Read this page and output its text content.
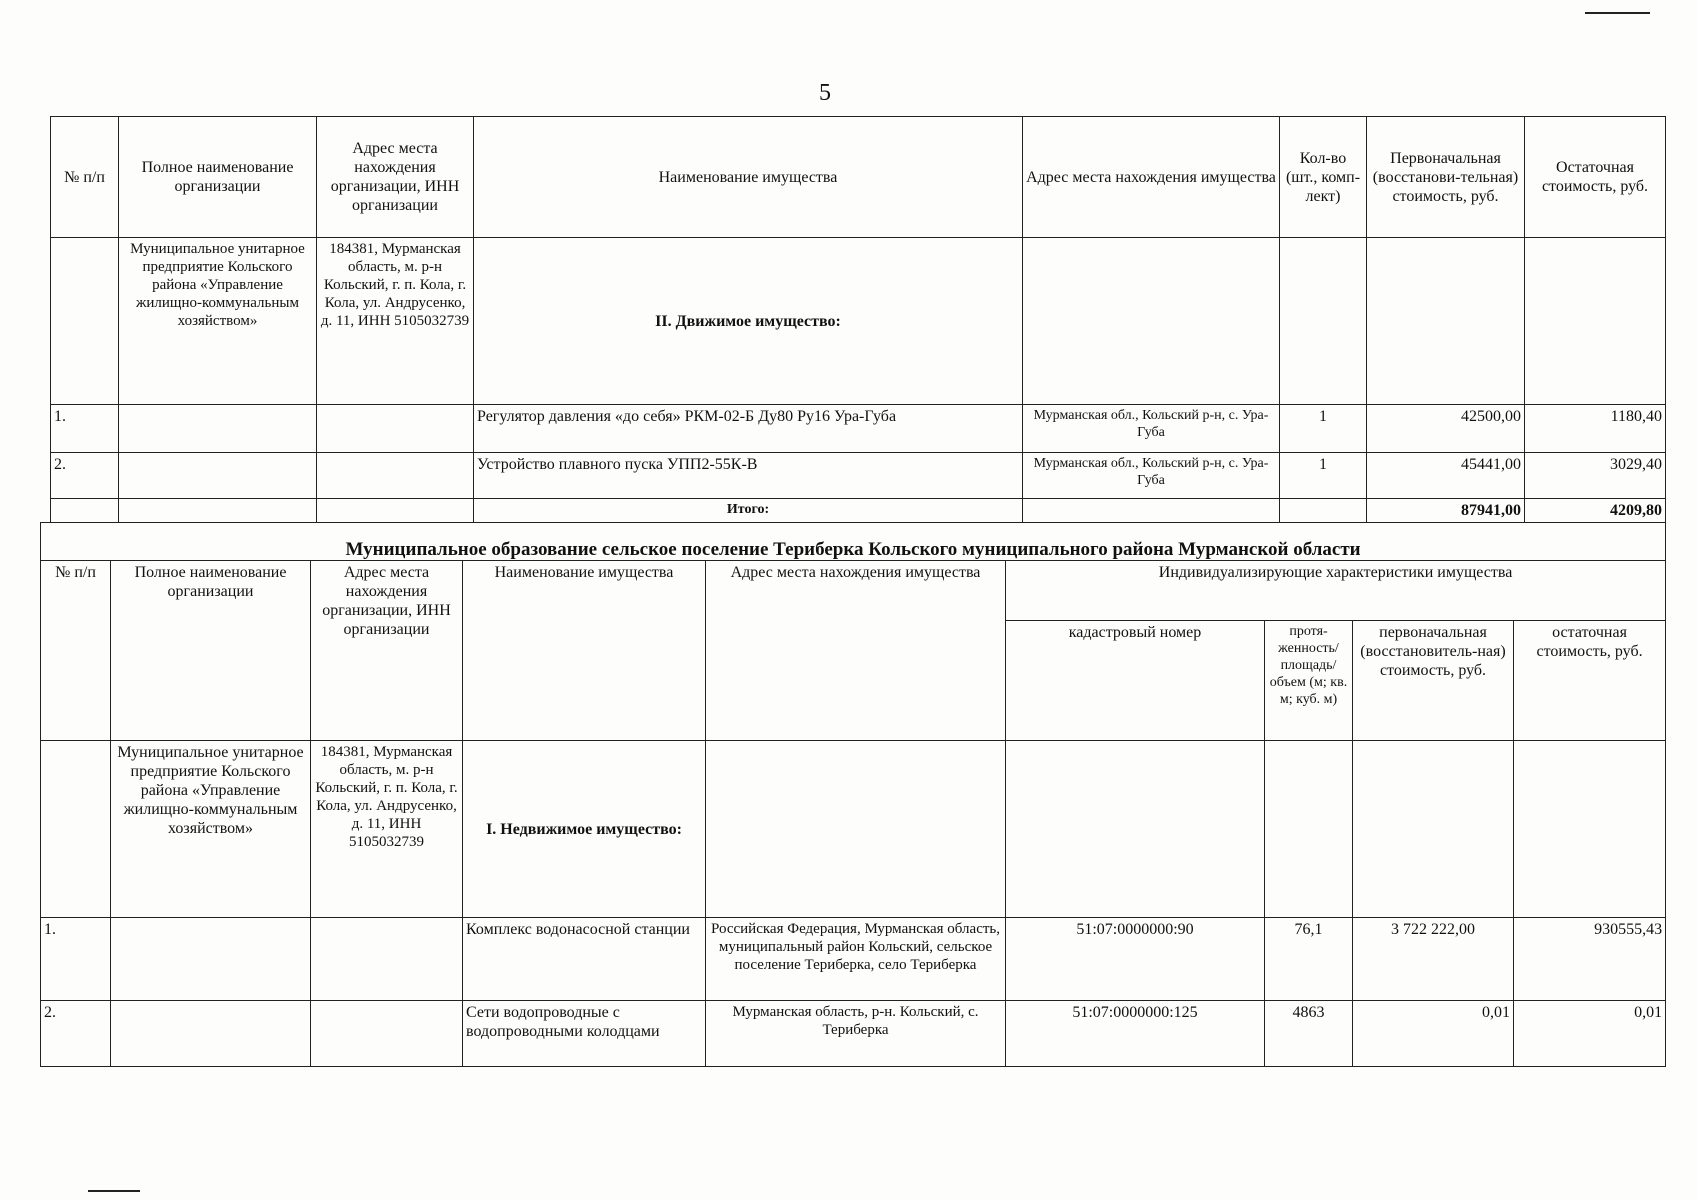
5
№ п/п	Полное наименование организации	Адрес места нахождения организации, ИНН организации	Наименование имущества	Адрес места нахождения имущества	Кол-во (шт., комп-лект)	Первоначальная (восстанови-тельная) стоимость, руб.	Остаточная стоимость, руб.
	Муниципальное унитарное предприятие Кольского района «Управление жилищно-коммунальным хозяйством»	184381, Мурманская область, м. р-н Кольский, г. п. Кола, г. Кола, ул. Андрусенко, д. 11, ИНН 5105032739	II. Движимое имущество:				
1.			Регулятор давления «до себя» РКМ-02-Б Ду80 Ру16 Ура-Губа	Мурманская обл., Кольский р-н, с. Ура-Губа	1	42500,00	1180,40
2.			Устройство плавного пуска УПП2-55К-В	Мурманская обл., Кольский р-н, с. Ура-Губа	1	45441,00	3029,40
			Итого:			87941,00	4209,80
Муниципальное образование сельское поселение Териберка Кольского муниципального района Мурманской области								
№ п/п	Полное наименование организации	Адрес места нахождения организации, ИНН организации	Наименование имущества	Адрес места нахождения имущества	Индивидуализирующие характеристики имущества			
					кадастровый номер	протя-женность/ площадь/ объем (м; кв. м; куб. м)	первоначальная (восстановитель-ная) стоимость, руб.	остаточная стоимость, руб.
	Муниципальное унитарное предприятие Кольского района «Управление жилищно-коммунальным хозяйством»	184381, Мурманская область, м. р-н Кольский, г. п. Кола, г. Кола, ул. Андрусенко, д. 11, ИНН 5105032739	I. Недвижимое имущество:					
1.			Комплекс водонасосной станции	Российская Федерация, Мурманская область, муниципальный район Кольский, сельское поселение Териберка, село Териберка	51:07:0000000:90	76,1	3 722 222,00	930555,43
2.			Сети водопроводные с водопроводными колодцами	Мурманская область, р-н. Кольский, с. Териберка	51:07:0000000:125	4863	0,01	0,01
